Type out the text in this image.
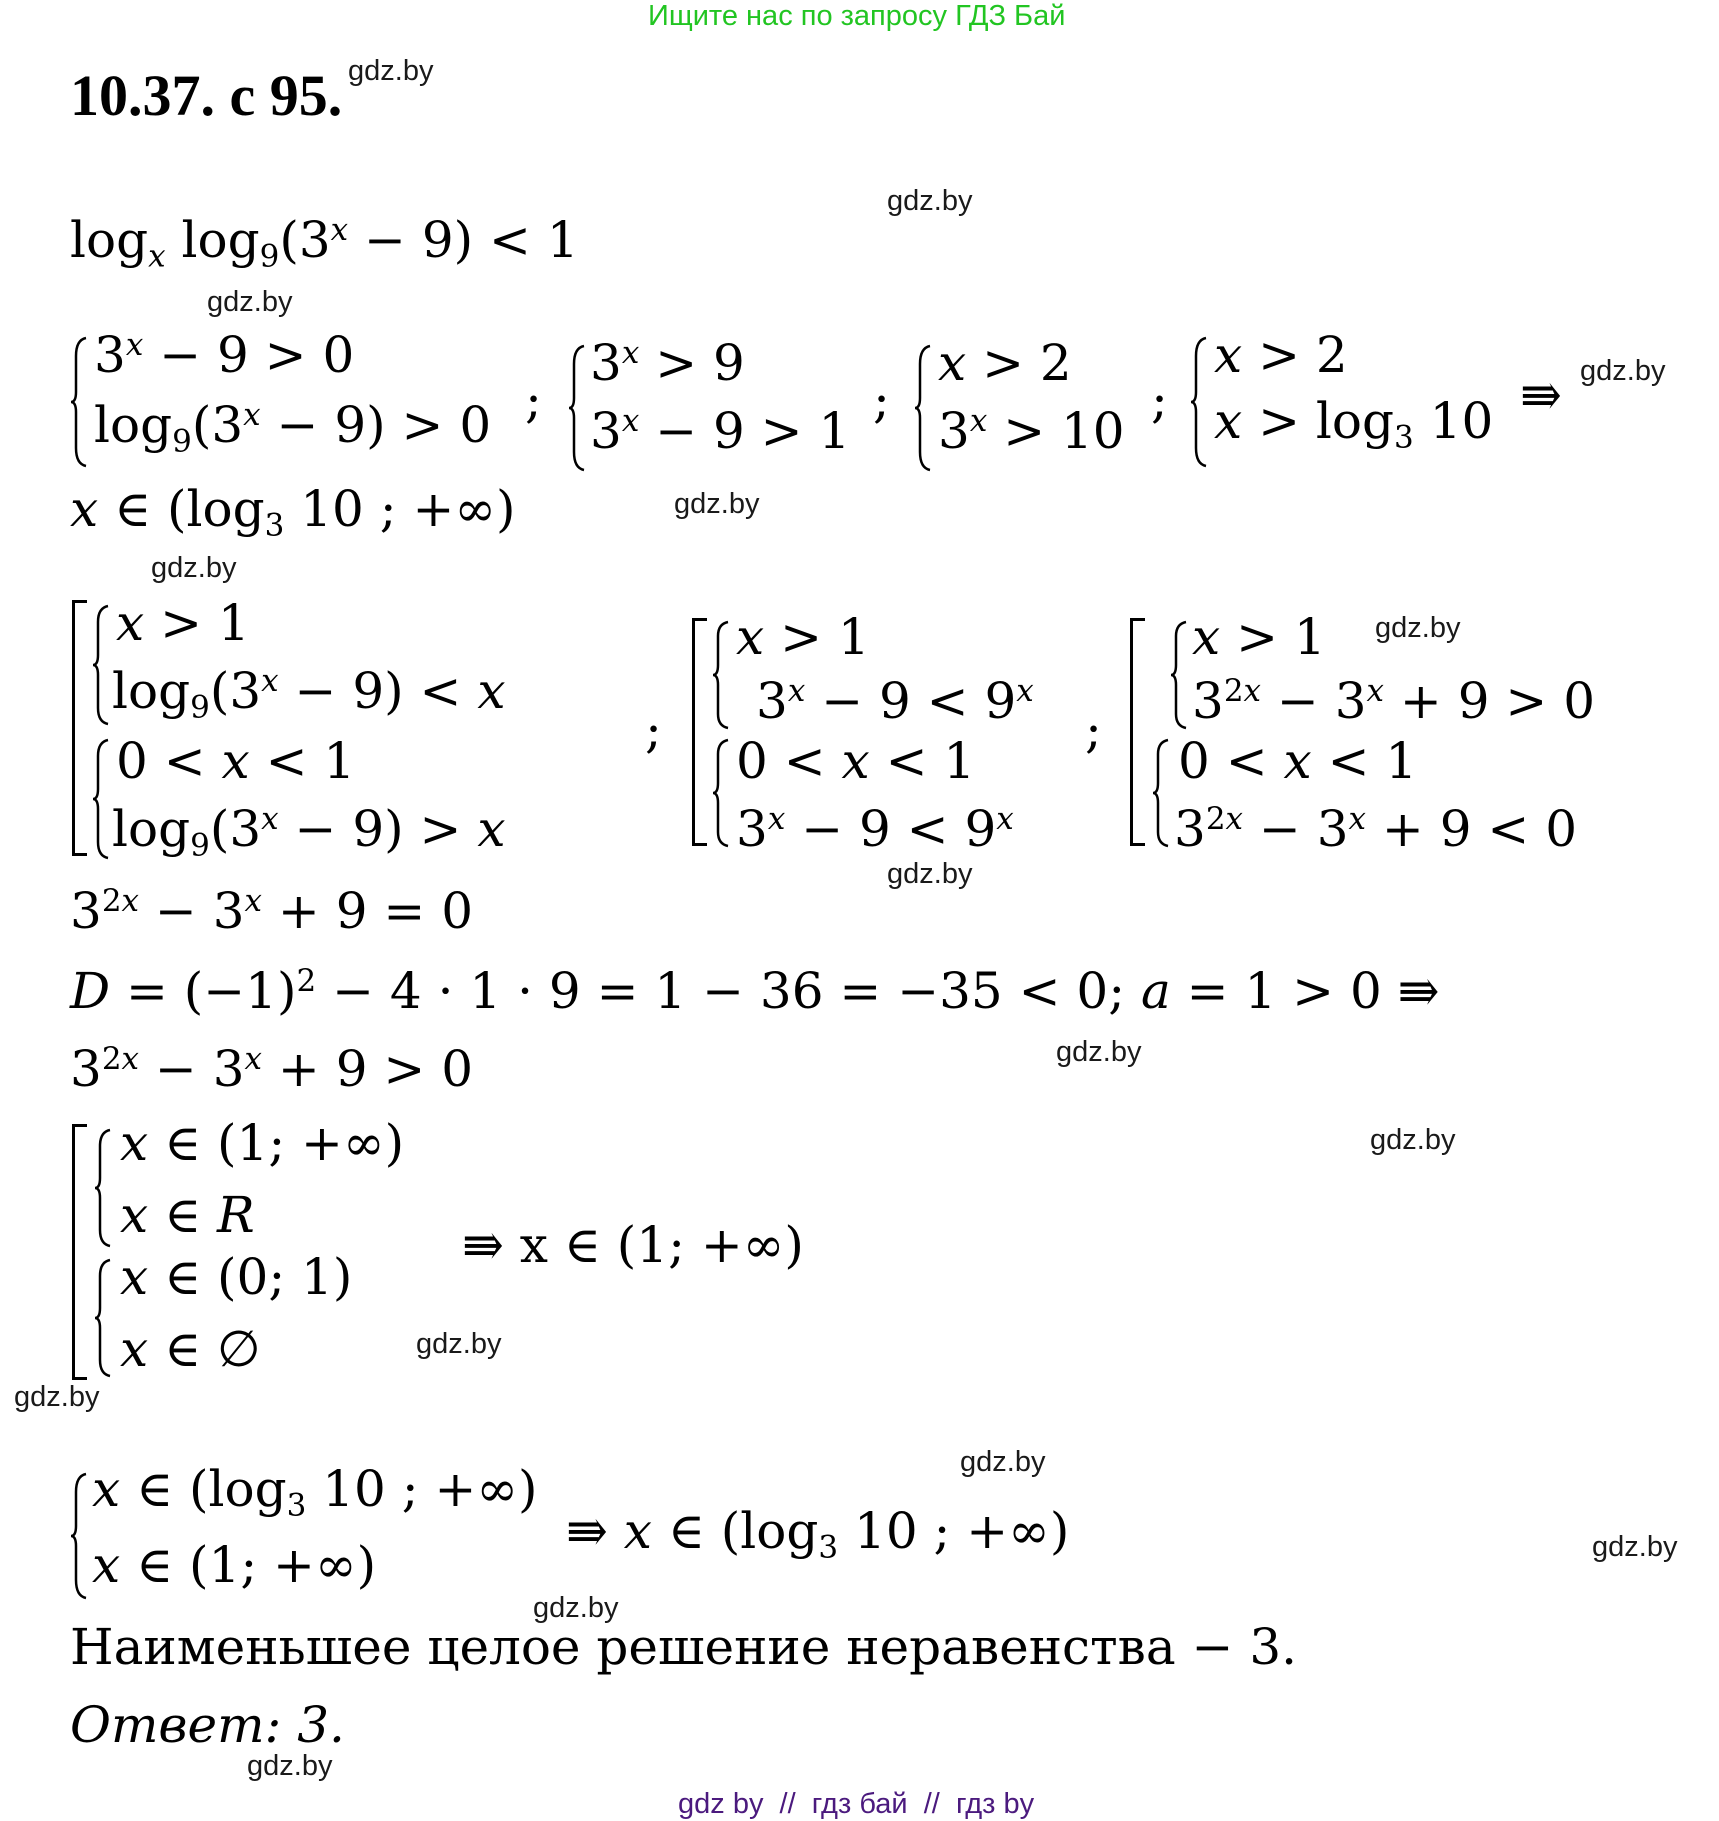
Ищите нас по запросу ГДЗ Бай
10.37. с 95. gdz.by
gdz.by
gdz.by
gdz.by
gdz.by
gdz.by
gdz.by
gdz.by
gdz.by
gdz.by
gdz.by
gdz.by
gdz.by
gdz.by
gdz.by
gdz.by
$\log_x \log_9(3^x - 9) < 1$
$3^x - 9 > 0$
$\log_9(3^x - 9) > 0$ ;
$3^x > 9$
$3^x - 9 > 1$
;
x > 2
$3^x > 10$
;
x > 2
$x > \log_3 10$ ⇛
x ∈ ($\log_3$ 10 ; +∞)
x > 1
$\log_9(3^x - 9) < x$
0 < x < 1
$\log_9(3^x - 9) > x$
;
x > 1
$3^x - 9 < 9^x$
0 < x < 1
$3^x - 9 < 9^x$
;
x > 1
$3^{2x} - 3^x + 9 > 0$
0 < x < 1
$3^{2x} - 3^x + 9 < 0$
$3^{2x} - 3^x + 9 = 0$
$D = (-1)^2 - 4 \cdot 1 \cdot 9 = 1 - 36 = -35 < 0$; a = 1 > 0 ⇛
$3^{2x} - 3^x + 9 > 0$
x ∈ (1; +∞)
x ∈ R
x ∈ (0; 1)
x ∈ ∅
⇛ x ∈ (1; +∞)
x ∈ ($\log_3$ 10 ; +∞)
x ∈ (1; +∞)
⇛ x ∈ ($\log_3$ 10 ; +∞)
Наименьшее целое решение неравенства − 3.
Ответ: 3.
gdz by  //  гдз бай  //  гдз by
